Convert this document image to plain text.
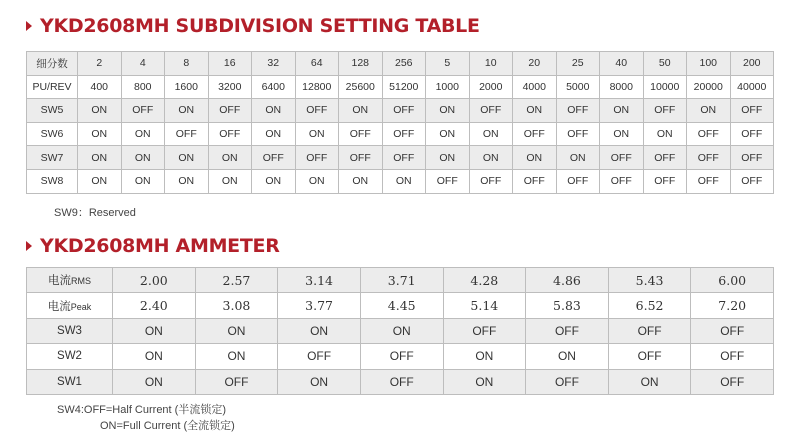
YKD2608MH SUBDIVISION SETTING TABLE
细分数	2	4	8	16	32	64	128	256	5	10	20	25	40	50	100	200
PU/REV	400	800	1600	3200	6400	12800	25600	51200	1000	2000	4000	5000	8000	10000	20000	40000
SW5	ON	OFF	ON	OFF	ON	OFF	ON	OFF	ON	OFF	ON	OFF	ON	OFF	ON	OFF
SW6	ON	ON	OFF	OFF	ON	ON	OFF	OFF	ON	ON	OFF	OFF	ON	ON	OFF	OFF
SW7	ON	ON	ON	ON	OFF	OFF	OFF	OFF	ON	ON	ON	ON	OFF	OFF	OFF	OFF
SW8	ON	ON	ON	ON	ON	ON	ON	ON	OFF	OFF	OFF	OFF	OFF	OFF	OFF	OFF
SW9：Reserved
YKD2608MH AMMETER
电流RMS	2.00	2.57	3.14	3.71	4.28	4.86	5.43	6.00
电流Peak	2.40	3.08	3.77	4.45	5.14	5.83	6.52	7.20
SW3	ON	ON	ON	ON	OFF	OFF	OFF	OFF
SW2	ON	ON	OFF	OFF	ON	ON	OFF	OFF
SW1	ON	OFF	ON	OFF	ON	OFF	ON	OFF
SW4:OFF=Half Current (半流锁定)
ON=Full Current (全流锁定)
